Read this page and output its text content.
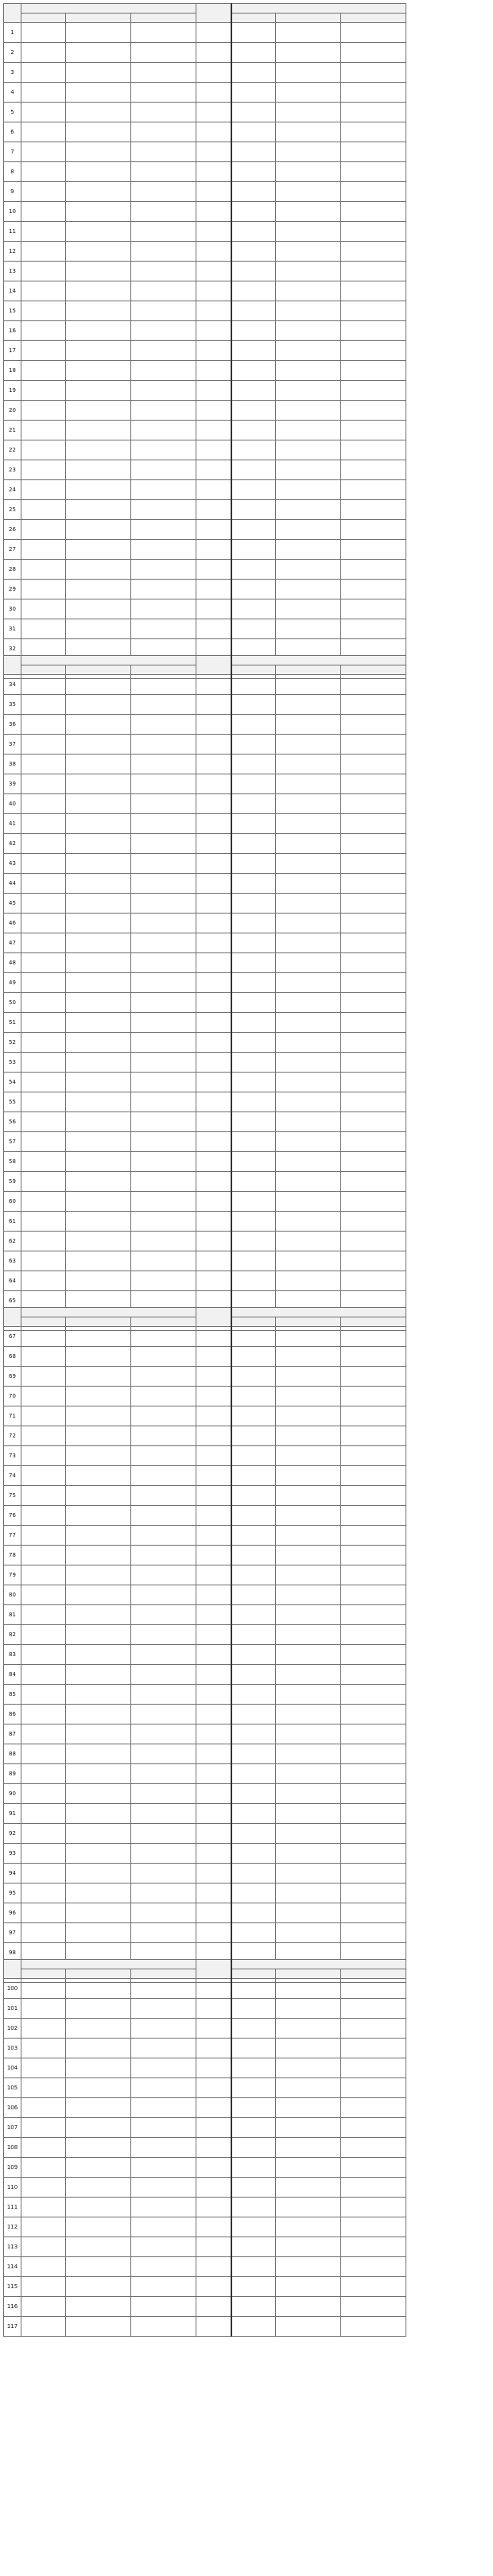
1							
2							
3							
4							
5							
6							
7							
8							
9							
10							
11							
12							
13							
14							
15							
16							
17							
18							
19							
20							
21							
22							
23							
24							
25							
26							
27							
28							
29							
30							
31							
32							

34							
35							
36							
37							
38							
39							
40							
41							
42							
43							
44							
45							
46							
47							
48							
49							
50							
51							
52							
53							
54							
55							
56							
57							
58							
59							
60							
61							
62							
63							
64							
65							

67							
68							
69							
70							
71							
72							
73							
74							
75							
76							
77							
78							
79							
80							
81							
82							
83							
84							
85							
86							
87							
88							
89							
90							
91							
92							
93							
94							
95							
96							
97							
98							

100							
101							
102							
103							
104							
105							
106							
107							
108							
109							
110							
111							
112							
113							
114							
115							
116							
117							
